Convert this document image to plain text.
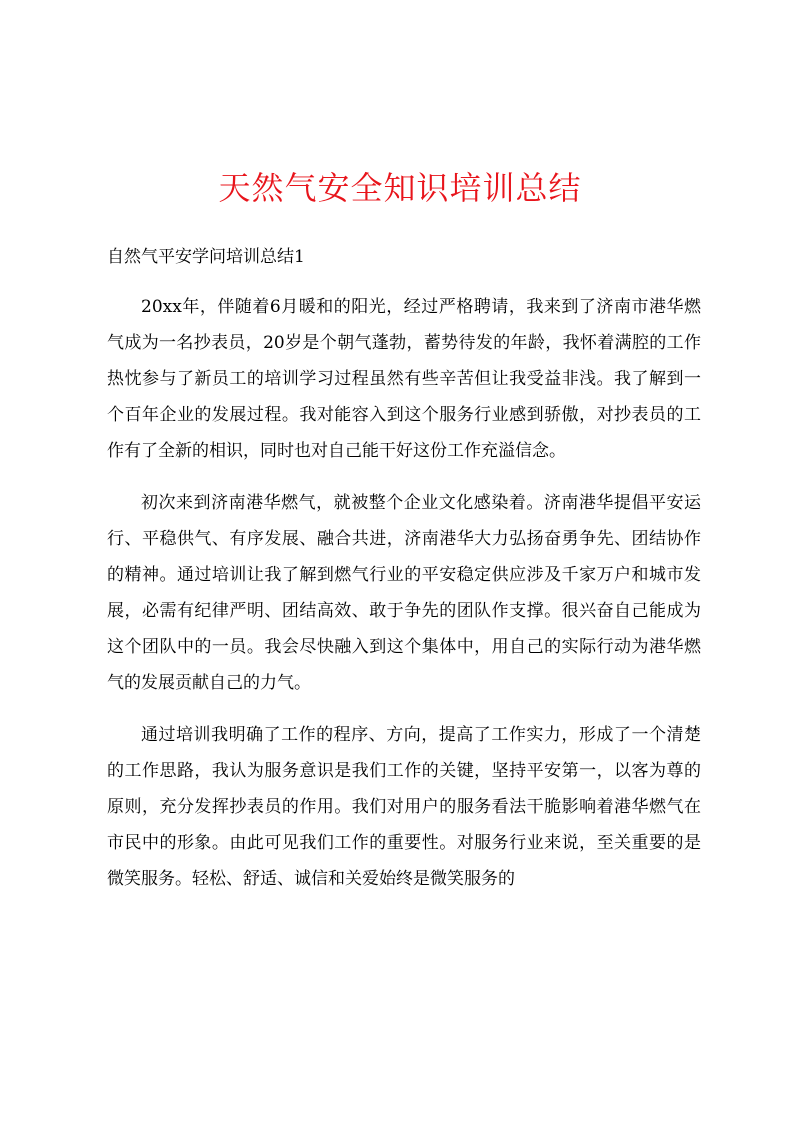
天然气安全知识培训总结

自然气平安学问培训总结1

20xx年，伴随着6月暖和的阳光，经过严格聘请，我来到了济南市港华燃气成为一名抄表员，20岁是个朝气蓬勃，蓄势待发的年龄，我怀着满腔的工作热忱参与了新员工的培训学习过程虽然有些辛苦但让我受益非浅。我了解到一个百年企业的发展过程。我对能容入到这个服务行业感到骄傲，对抄表员的工作有了全新的相识，同时也对自己能干好这份工作充溢信念。

初次来到济南港华燃气，就被整个企业文化感染着。济南港华提倡平安运行、平稳供气、有序发展、融合共进，济南港华大力弘扬奋勇争先、团结协作的精神。通过培训让我了解到燃气行业的平安稳定供应涉及千家万户和城市发展，必需有纪律严明、团结高效、敢于争先的团队作支撑。很兴奋自己能成为这个团队中的一员。我会尽快融入到这个集体中，用自己的实际行动为港华燃气的发展贡献自己的力气。

通过培训我明确了工作的程序、方向，提高了工作实力，形成了一个清楚的工作思路，我认为服务意识是我们工作的关键，坚持平安第一，以客为尊的原则，充分发挥抄表员的作用。我们对用户的服务看法干脆影响着港华燃气在市民中的形象。由此可见我们工作的重要性。对服务行业来说，至关重要的是微笑服务。轻松、舒适、诚信和关爱始终是微笑服务的
